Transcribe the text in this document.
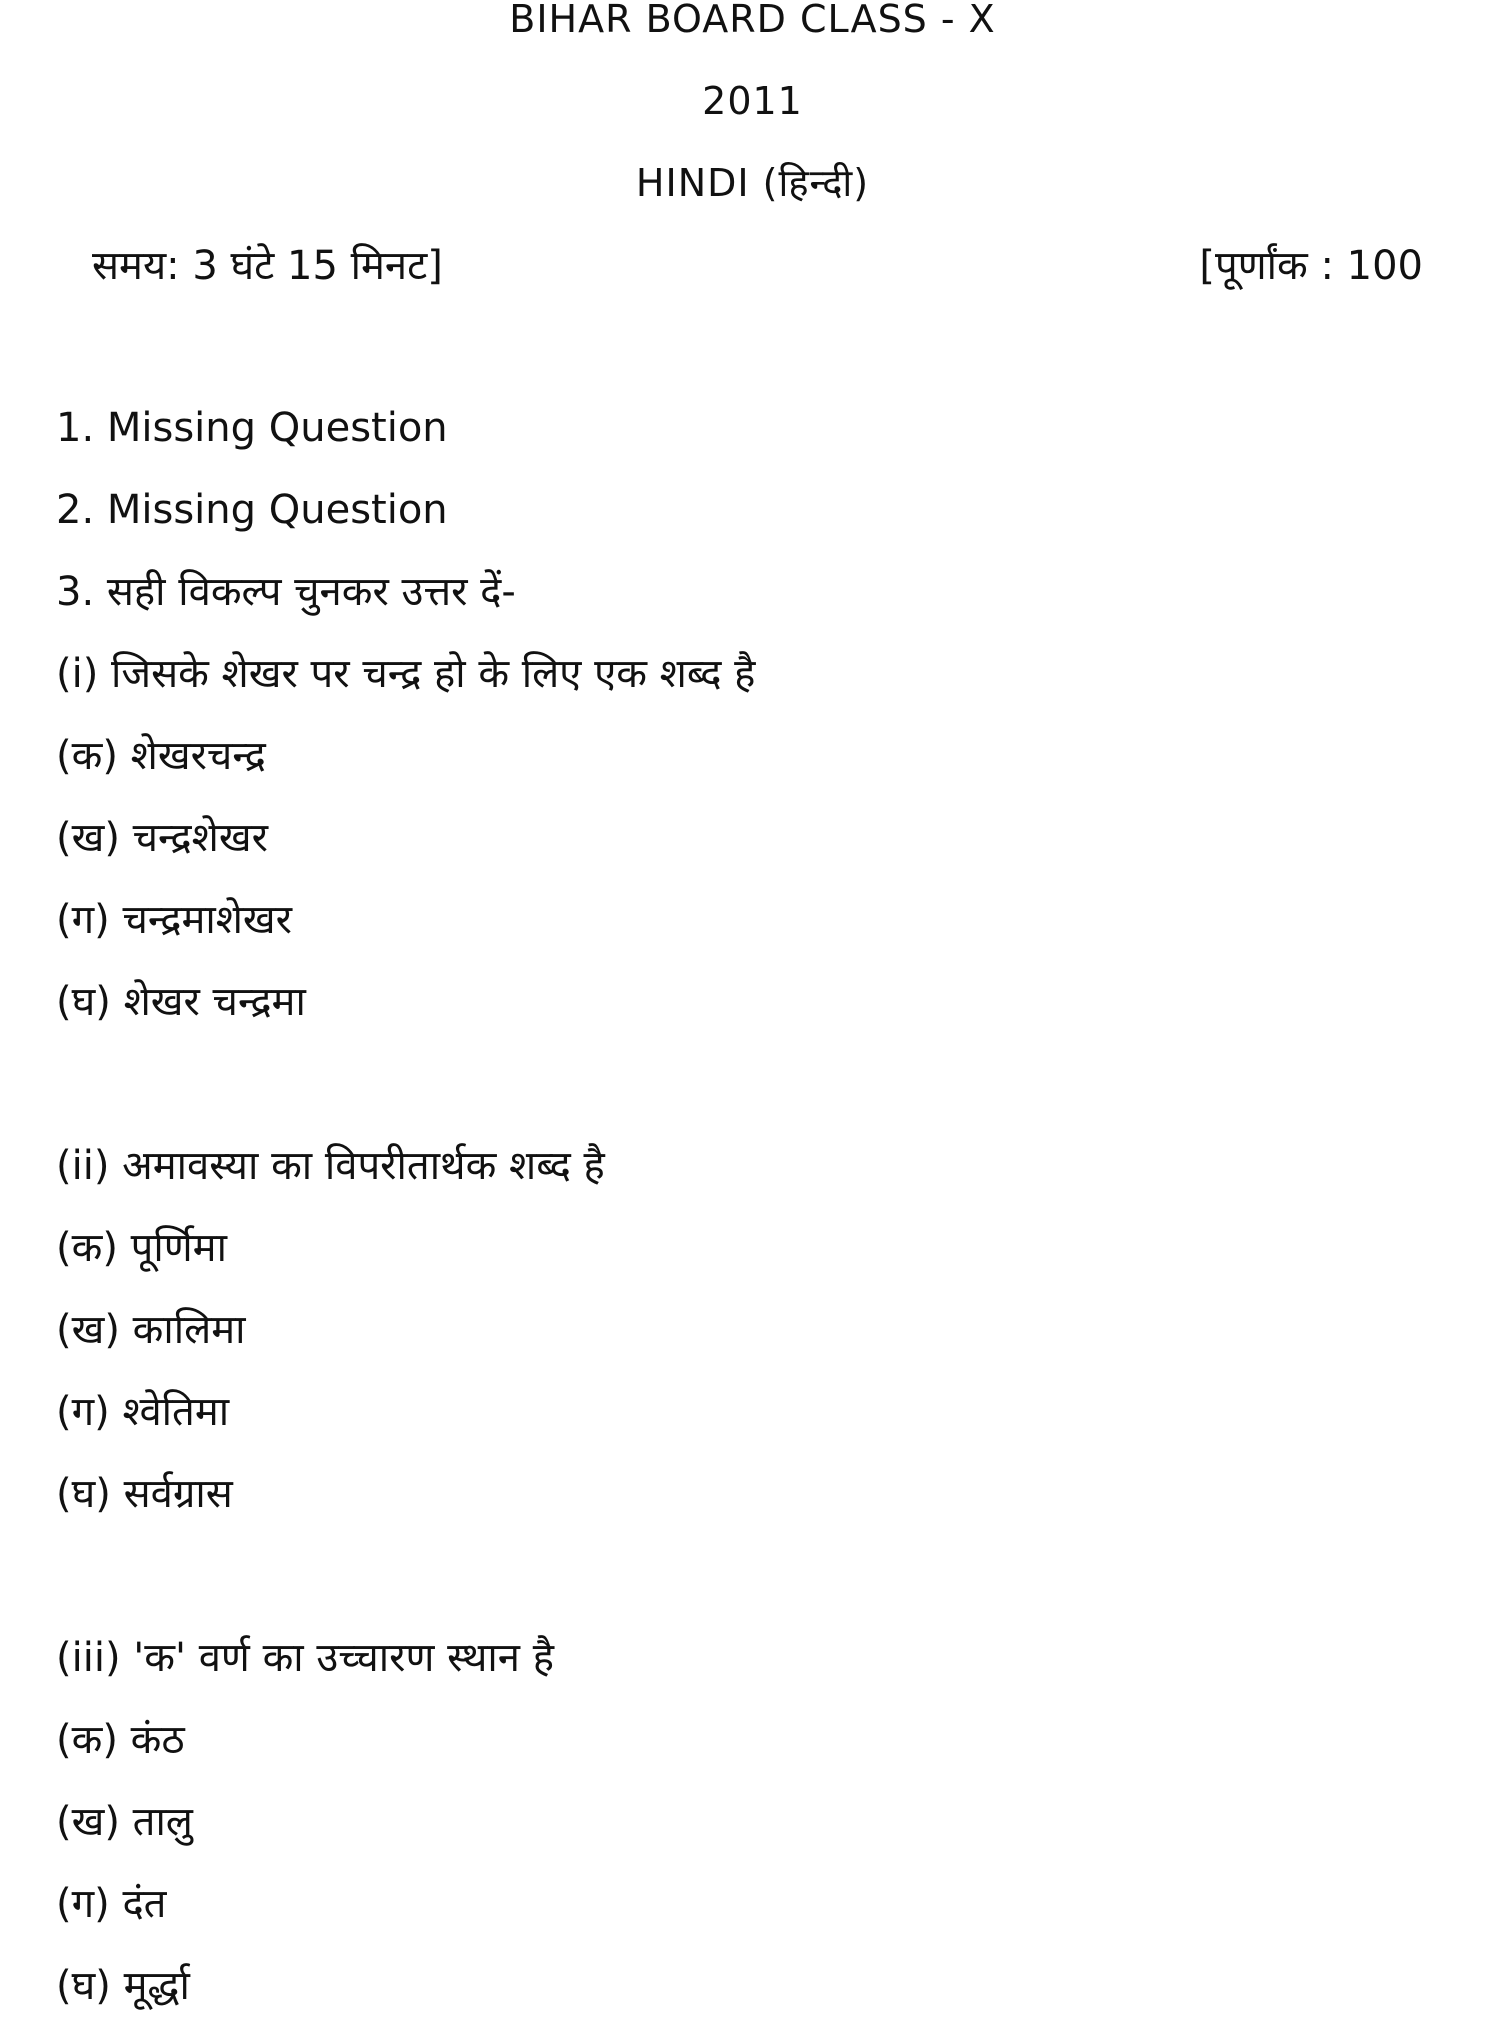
BIHAR BOARD CLASS - X
2011
HINDI (हिन्दी)
समय: 3 घंटे 15 मिनट]	[पूर्णांक : 100
1. Missing Question
2. Missing Question
3. सही विकल्प चुनकर उत्तर दें-
(i) जिसके शेखर पर चन्द्र हो के लिए एक शब्द है
(क) शेखरचन्द्र
(ख) चन्द्रशेखर
(ग) चन्द्रमाशेखर
(घ) शेखर चन्द्रमा
(ii) अमावस्या का विपरीतार्थक शब्द है
(क) पूर्णिमा
(ख) कालिमा
(ग) श्वेतिमा
(घ) सर्वग्रास
(iii) 'क' वर्ण का उच्चारण स्थान है
(क) कंठ
(ख) तालु
(ग) दंत
(घ) मूर्द्धा
